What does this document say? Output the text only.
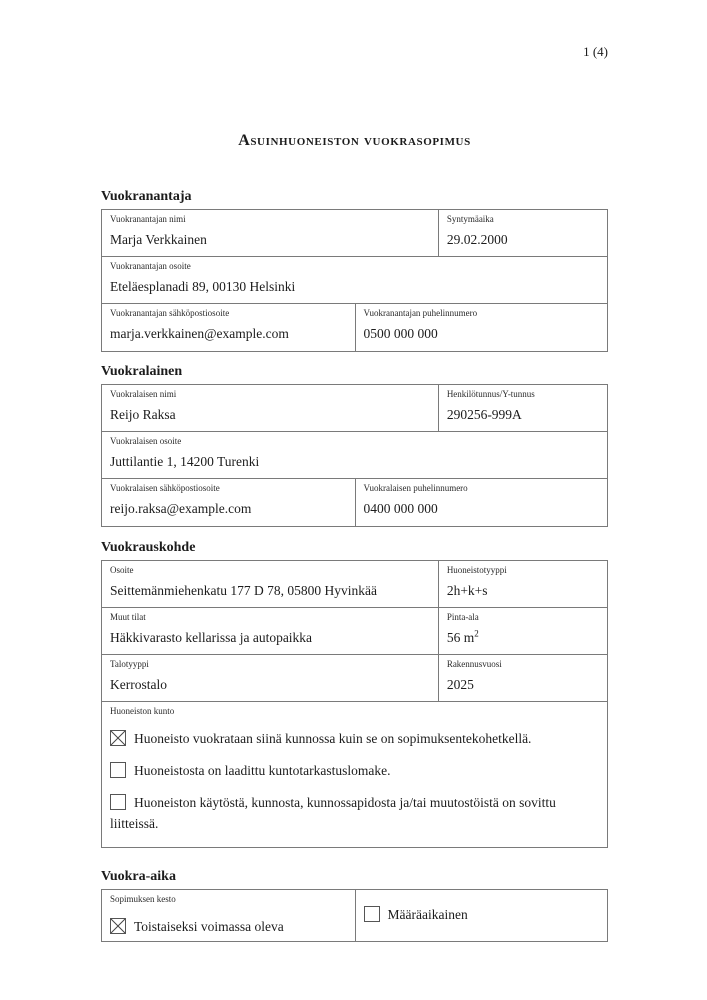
1 (4)
Asuinhuoneiston vuokrasopimus
Vuokranantaja
Vuokranantajan nimi
Marja Verkkainen
Syntymäaika
29.02.2000
Vuokranantajan osoite
Eteläesplanadi 89, 00130 Helsinki
Vuokranantajan sähköpostiosoite
marja.verkkainen@example.com
Vuokranantajan puhelinnumero
0500 000 000
Vuokralainen
Vuokralaisen nimi
Reijo Raksa
Henkilötunnus/Y-tunnus
290256-999A
Vuokralaisen osoite
Juttilantie 1, 14200 Turenki
Vuokralaisen sähköpostiosoite
reijo.raksa@example.com
Vuokralaisen puhelinnumero
0400 000 000
Vuokrauskohde
Osoite
Seittemänmiehenkatu 177 D 78, 05800 Hyvinkää
Huoneistotyyppi
2h+k+s
Muut tilat
Häkkivarasto kellarissa ja autopaikka
Pinta-ala
56 $m^2$
Talotyyppi
Kerrostalo
Rakennusvuosi
2025
Huoneiston kunto
Huoneisto vuokrataan siinä kunnossa kuin se on sopimuksentekohetkellä.
Huoneistosta on laadittu kuntotarkastuslomake.
Huoneiston käytöstä, kunnosta, kunnossapidosta ja/tai muutostöistä on sovittu liitteissä.
Vuokra-aika
Sopimuksen kesto
Toistaiseksi voimassa oleva
Määräaikainen
